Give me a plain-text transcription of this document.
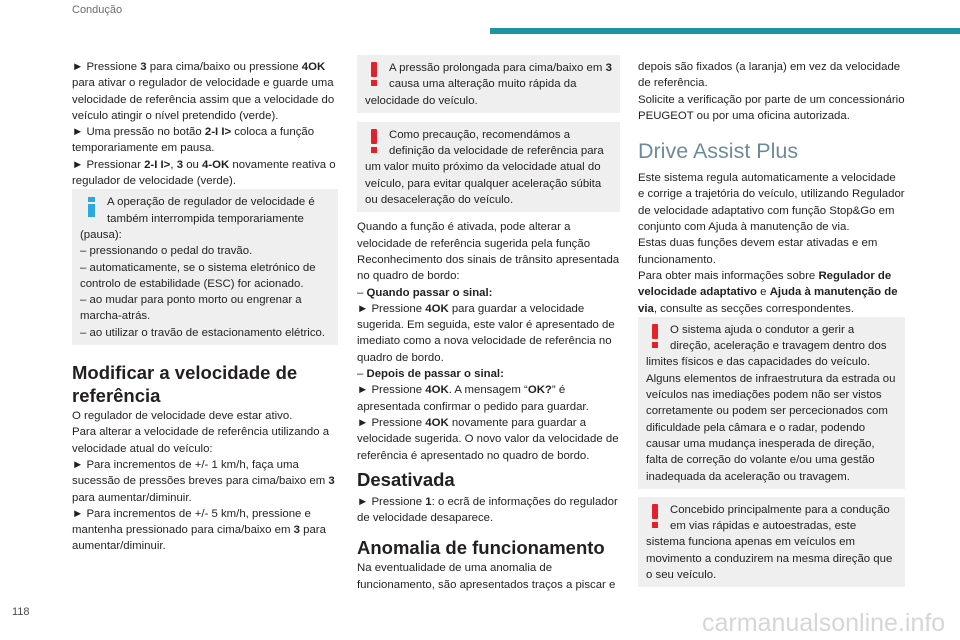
Condução
► Pressione 3 para cima/baixo ou pressione 4OK
para ativar o regulador de velocidade e guarde uma
velocidade de referência assim que a velocidade do
veículo atingir o nível pretendido (verde).
► Uma pressão no botão 2-I I> coloca a função
temporariamente em pausa.
► Pressionar 2-I I>, 3 ou 4-OK novamente reativa o
regulador de velocidade (verde).
A operação de regulador de velocidade é
também interrompida temporariamente
(pausa):
– pressionando o pedal do travão.
– automaticamente, se o sistema eletrónico de
controlo de estabilidade (ESC) for acionado.
– ao mudar para ponto morto ou engrenar a
marcha-atrás.
– ao utilizar o travão de estacionamento elétrico.
Modificar a velocidade de
referência
O regulador de velocidade deve estar ativo.
Para alterar a velocidade de referência utilizando a
velocidade atual do veículo:
► Para incrementos de +/- 1 km/h, faça uma
sucessão de pressões breves para cima/baixo em 3
para aumentar/diminuir.
► Para incrementos de +/- 5 km/h, pressione e
mantenha pressionado para cima/baixo em 3 para
aumentar/diminuir.
A pressão prolongada para cima/baixo em 3
causa uma alteração muito rápida da
velocidade do veículo.
Como precaução, recomendámos a
definição da velocidade de referência para
um valor muito próximo da velocidade atual do
veículo, para evitar qualquer aceleração súbita
ou desaceleração do veículo.
Quando a função é ativada, pode alterar a
velocidade de referência sugerida pela função
Reconhecimento dos sinais de trânsito apresentada
no quadro de bordo:
– Quando passar o sinal:
► Pressione 4OK para guardar a velocidade
sugerida. Em seguida, este valor é apresentado de
imediato como a nova velocidade de referência no
quadro de bordo.
– Depois de passar o sinal:
► Pressione 4OK. A mensagem “OK?” é
apresentada confirmar o pedido para guardar.
► Pressione 4OK novamente para guardar a
velocidade sugerida. O novo valor da velocidade de
referência é apresentado no quadro de bordo.
Desativada
► Pressione 1: o ecrã de informações do regulador
de velocidade desaparece.
Anomalia de funcionamento
Na eventualidade de uma anomalia de
funcionamento, são apresentados traços a piscar e
depois são fixados (a laranja) em vez da velocidade
de referência.
Solicite a verificação por parte de um concessionário
PEUGEOT ou por uma oficina autorizada.
Drive Assist Plus
Este sistema regula automaticamente a velocidade
e corrige a trajetória do veículo, utilizando Regulador
de velocidade adaptativo com função Stop&Go em
conjunto com Ajuda à manutenção de via.
Estas duas funções devem estar ativadas e em
funcionamento.
Para obter mais informações sobre Regulador de
velocidade adaptativo e Ajuda à manutenção de
via, consulte as secções correspondentes.
O sistema ajuda o condutor a gerir a
direção, aceleração e travagem dentro dos
limites físicos e das capacidades do veículo.
Alguns elementos de infraestrutura da estrada ou
veículos nas imediações podem não ser vistos
corretamente ou podem ser percecionados com
dificuldade pela câmara e o radar, podendo
causar uma mudança inesperada de direção,
falta de correção do volante e/ou uma gestão
inadequada da aceleração ou travagem.
Concebido principalmente para a condução
em vias rápidas e autoestradas, este
sistema funciona apenas em veículos em
movimento a conduzirem na mesma direção que
o seu veículo.
118	carmanualsonline.info
